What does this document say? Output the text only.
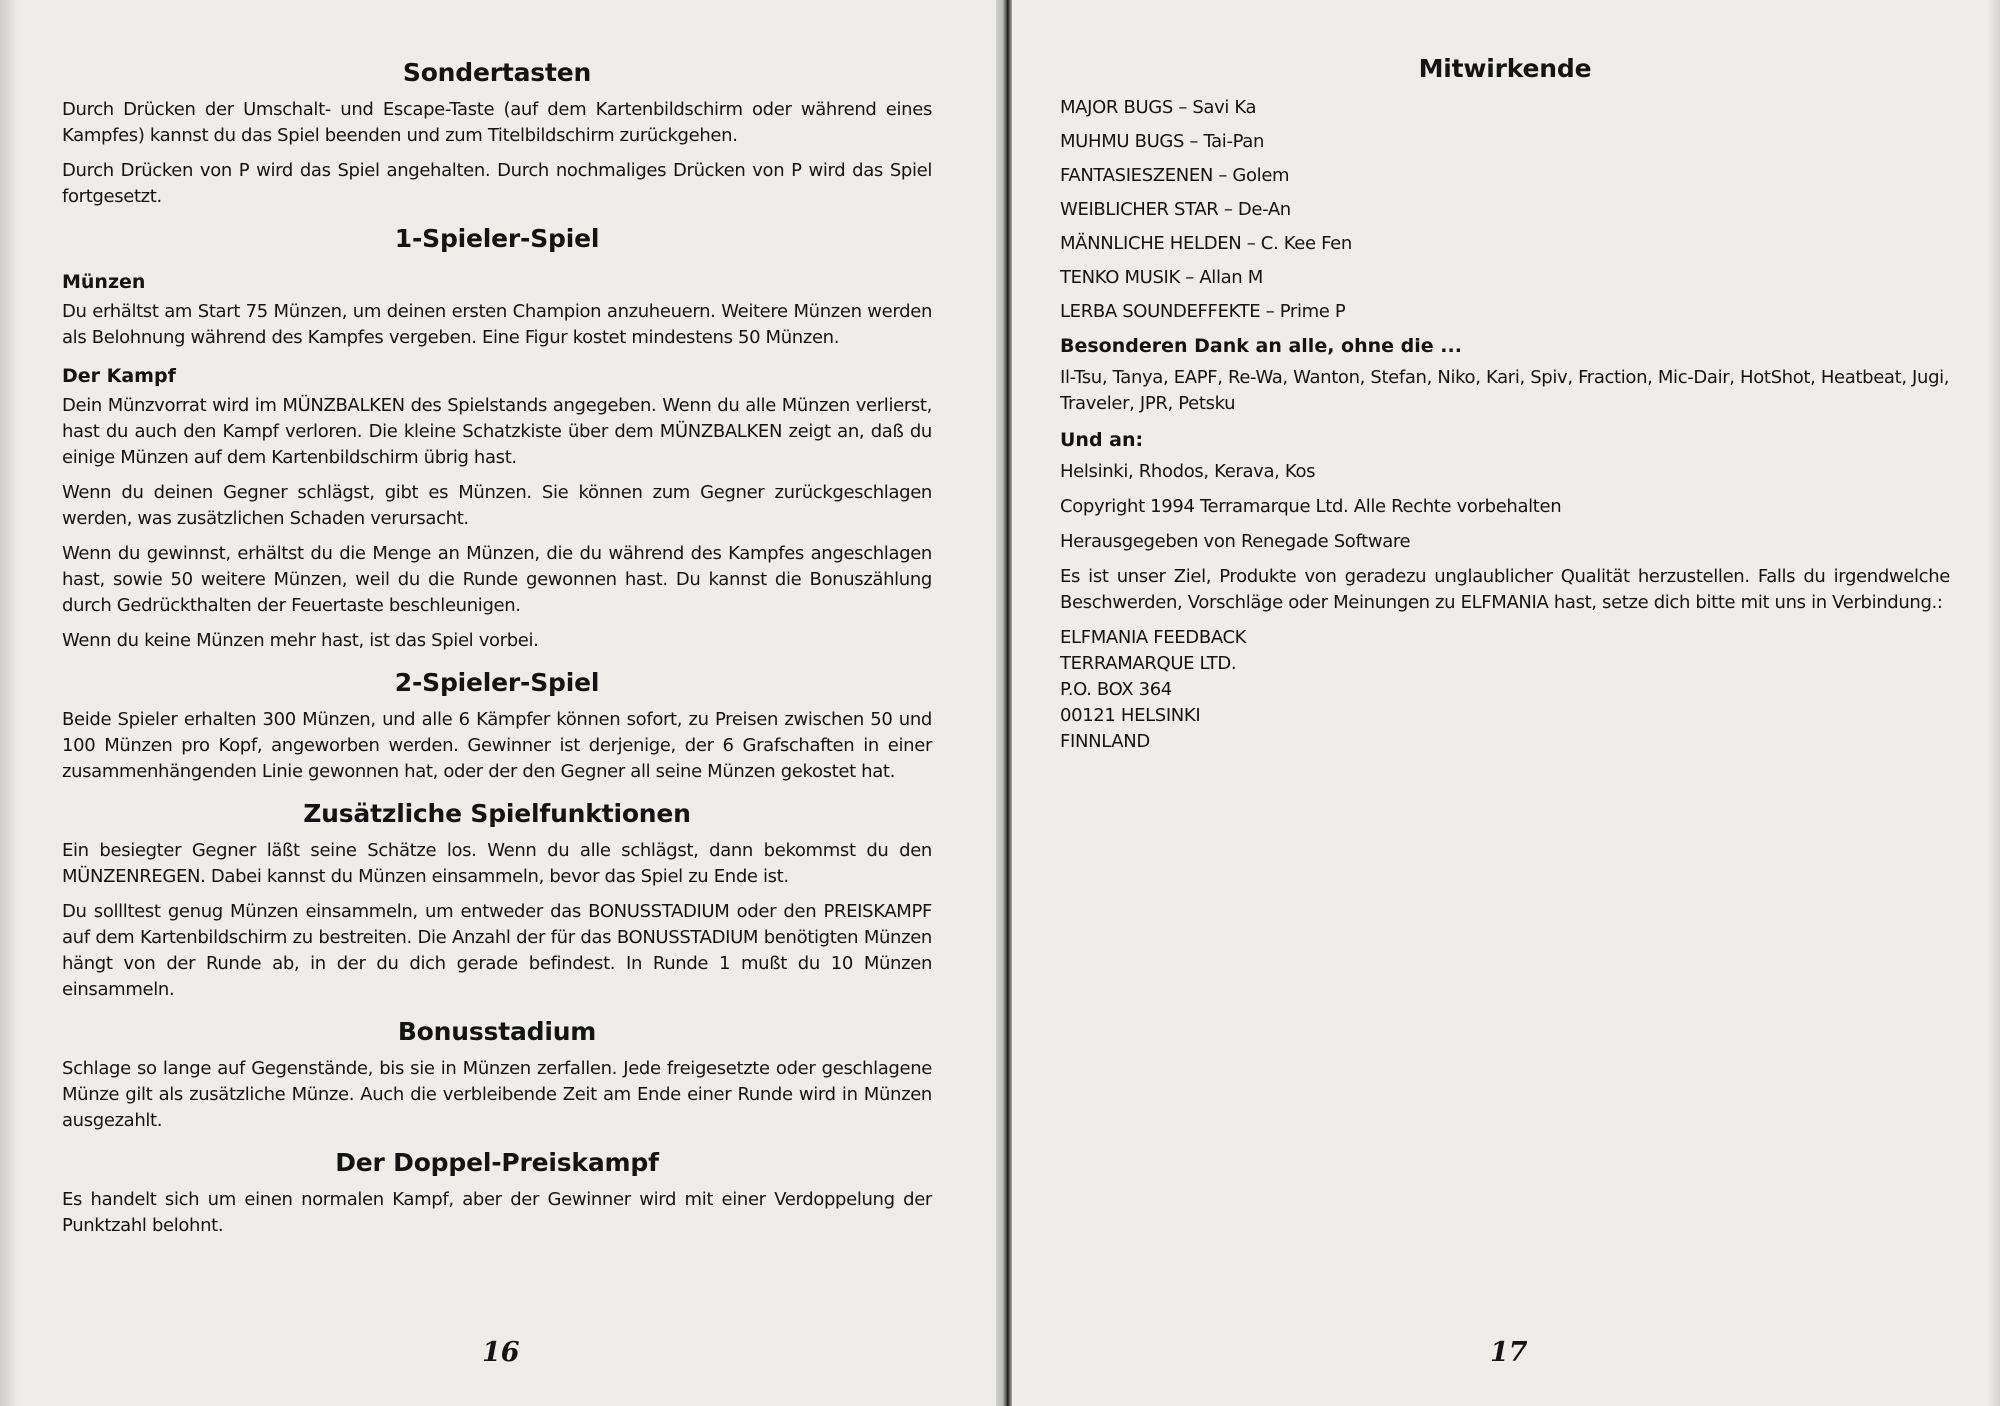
Sondertasten

Durch Drücken der Umschalt- und Escape-Taste (auf dem Kartenbildschirm oder während eines Kampfes) kannst du das Spiel beenden und zum Titelbildschirm zurückgehen.

Durch Drücken von P wird das Spiel angehalten. Durch nochmaliges Drücken von P wird das Spiel fortgesetzt.

1-Spieler-Spiel
Münzen

Du erhältst am Start 75 Münzen, um deinen ersten Champion anzuheuern. Weitere Münzen werden als Belohnung während des Kampfes vergeben. Eine Figur kostet mindestens 50 Münzen.

Der Kampf

Dein Münzvorrat wird im MÜNZBALKEN des Spielstands angegeben. Wenn du alle Münzen verlierst, hast du auch den Kampf verloren. Die kleine Schatzkiste über dem MÜNZBALKEN zeigt an, daß du einige Münzen auf dem Kartenbildschirm übrig hast.

Wenn du deinen Gegner schlägst, gibt es Münzen. Sie können zum Gegner zurückgeschlagen werden, was zusätzlichen Schaden verursacht.

Wenn du gewinnst, erhältst du die Menge an Münzen, die du während des Kampfes angeschlagen hast, sowie 50 weitere Münzen, weil du die Runde gewonnen hast. Du kannst die Bonuszählung durch Gedrückthalten der Feuertaste beschleunigen.

Wenn du keine Münzen mehr hast, ist das Spiel vorbei.

2-Spieler-Spiel

Beide Spieler erhalten 300 Münzen, und alle 6 Kämpfer können sofort, zu Preisen zwischen 50 und 100 Münzen pro Kopf, angeworben werden. Gewinner ist derjenige, der 6 Grafschaften in einer zusammenhängenden Linie gewonnen hat, oder der den Gegner all seine Münzen gekostet hat.

Zusätzliche Spielfunktionen

Ein besiegter Gegner läßt seine Schätze los. Wenn du alle schlägst, dann bekommst du den MÜNZENREGEN. Dabei kannst du Münzen einsammeln, bevor das Spiel zu Ende ist.

Du sollltest genug Münzen einsammeln, um entweder das BONUSSTADIUM oder den PREISKAMPF auf dem Kartenbildschirm zu bestreiten. Die Anzahl der für das BONUSSTADIUM benötigten Münzen hängt von der Runde ab, in der du dich gerade befindest. In Runde 1 mußt du 10 Münzen einsammeln.

Bonusstadium

Schlage so lange auf Gegenstände, bis sie in Münzen zerfallen. Jede freigesetzte oder geschlagene Münze gilt als zusätzliche Münze. Auch die verbleibende Zeit am Ende einer Runde wird in Münzen ausgezahlt.

Der Doppel-Preiskampf

Es handelt sich um einen normalen Kampf, aber der Gewinner wird mit einer Verdoppelung der Punktzahl belohnt.

16
Mitwirkende

MAJOR BUGS – Savi Ka

MUHMU BUGS – Tai-Pan

FANTASIESZENEN – Golem

WEIBLICHER STAR – De-An

MÄNNLICHE HELDEN – C. Kee Fen

TENKO MUSIK – Allan M

LERBA SOUNDEFFEKTE – Prime P

Besonderen Dank an alle, ohne die ...

Il-Tsu, Tanya, EAPF, Re-Wa, Wanton, Stefan, Niko, Kari, Spiv, Fraction, Mic-Dair, HotShot, Heatbeat, Jugi, Traveler, JPR, Petsku

Und an:

Helsinki, Rhodos, Kerava, Kos

Copyright 1994 Terramarque Ltd. Alle Rechte vorbehalten

Herausgegeben von Renegade Software

Es ist unser Ziel, Produkte von geradezu unglaublicher Qualität herzustellen. Falls du irgendwelche Beschwerden, Vorschläge oder Meinungen zu ELFMANIA hast, setze dich bitte mit uns in Verbindung.:

ELFMANIA FEEDBACK

TERRAMARQUE LTD.

P.O. BOX 364

00121 HELSINKI

FINNLAND

17
